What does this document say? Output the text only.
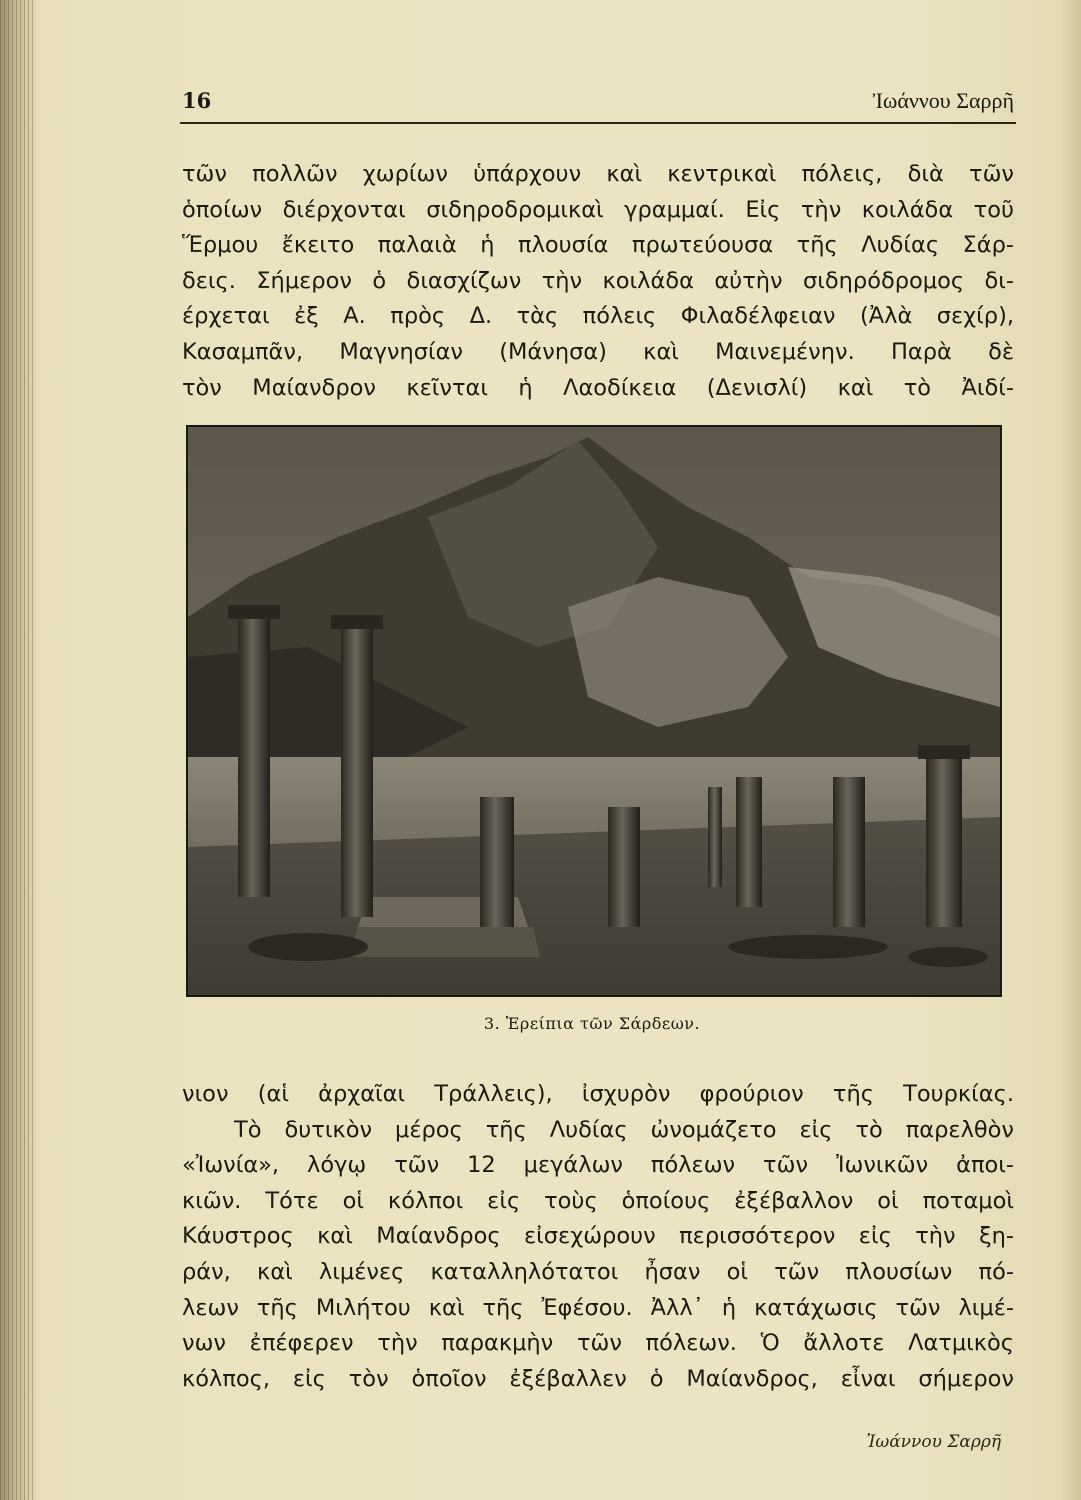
16	Ἰωάννου Σαρρῆ
τῶν πολλῶν χωρίων ὑπάρχουν καὶ κεντρικαὶ πόλεις, διὰ τῶν
ὁποίων διέρχονται σιδηροδρομικαὶ γραμμαί. Εἰς τὴν κοιλάδα τοῦ
Ἕρμου ἔκειτο παλαιὰ ἡ πλουσία πρωτεύουσα τῆς Λυδίας Σάρ-
δεις. Σήμερον ὁ διασχίζων τὴν κοιλάδα αὐτὴν σιδηρόδρομος δι-
έρχεται ἐξ Α. πρὸς Δ. τὰς πόλεις Φιλαδέλφειαν (Ἀλὰ σεχίρ),
Κασαμπᾶν, Μαγνησίαν (Μάνησα) καὶ Μαινεμένην. Παρὰ δὲ
τὸν Μαίανδρον κεῖνται ἡ Λαοδίκεια (Δενισλί) καὶ τὸ Ἀιδί-
3. Ἐρείπια τῶν Σάρδεων.
νιον (αἱ ἀρχαῖαι Τράλλεις), ἰσχυρὸν φρούριον τῆς Τουρκίας.
Τὸ δυτικὸν μέρος τῆς Λυδίας ὠνομάζετο εἰς τὸ παρελθὸν
«Ἰωνία», λόγῳ τῶν 12 μεγάλων πόλεων τῶν Ἰωνικῶν ἀποι-
κιῶν. Τότε οἱ κόλποι εἰς τοὺς ὁποίους ἐξέβαλλον οἱ ποταμοὶ
Κάυστρος καὶ Μαίανδρος εἰσεχώρουν περισσότερον εἰς τὴν ξη-
ράν, καὶ λιμένες καταλληλότατοι ἦσαν οἱ τῶν πλουσίων πό-
λεων τῆς Μιλήτου καὶ τῆς Ἐφέσου. Ἀλλ᾽ ἡ κατάχωσις τῶν λιμέ-
νων ἐπέφερεν τὴν παρακμὴν τῶν πόλεων. Ὁ ἄλλοτε Λατμικὸς
κόλπος, εἰς τὸν ὁποῖον ἐξέβαλλεν ὁ Μαίανδρος, εἶναι σήμερον
Ἰωάννου Σαρρῆ
